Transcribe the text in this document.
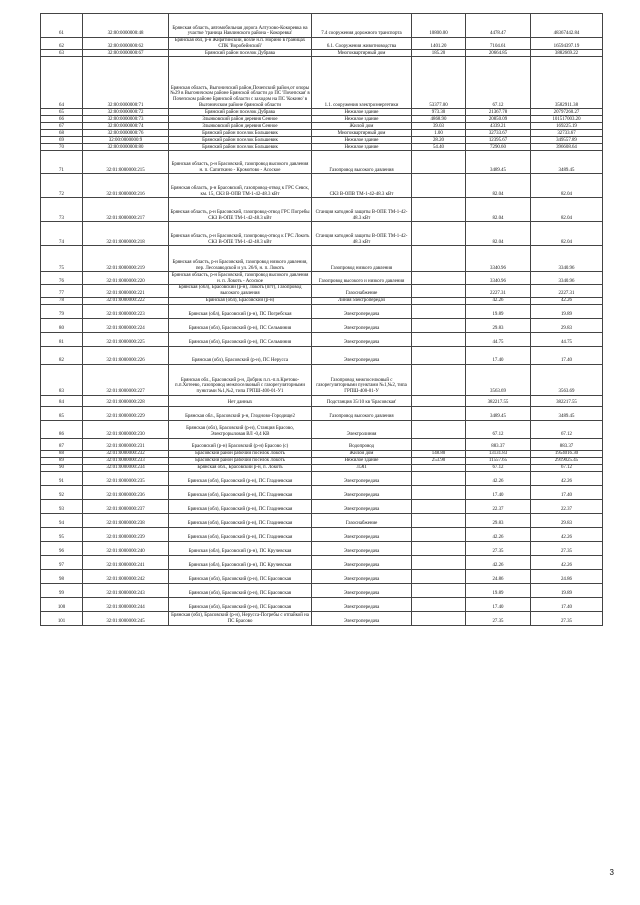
61	32:00:0000000:48	Брянская область, автомобильная дорога Алтухово-Кокоревка на участке 'граница Навлинского района - Кокоревка'	7.4 сооружения дорожного транспорта	10800.00	4478.47	48367442.84
62	32:00:0000000:62	Брянская обл, р-н Жирятинский, возле н.п. Норино в границах СПК 'Воробейнский'	6.1. Сооружения животноводства	1401.20	7104.61	16594397.19
63	32:00:0000000:67	Брянский район поселок Дубрава	Многоквартирный дом	185.20	20664.85	3882669.22
64	32:00:0000000:71	Брянская область, Выгоничский район,Почепский район,от опоры №29 в Выгоничском районе Брянской области до ПС 'Почепская' в Почепском районе Брянской области с заходом на ПС 'Кокино' в Выгоничском районе брянской области	1.1. сооружения электроэнергетики	53377.00	67.12	3582911.38
65	32:00:0000000:72	Брянский район поселок Дубрава	Нежилое здание	973.30	21367.78	20797260.27
66	32:00:0000000:73	Злынковский район деревня Сенное	Нежилое здание	4868.90	20850.09	101517003.20
67	32:00:0000000:74	Злынковский район деревня Сенное	Жилой дом	39.03	4339.21	169225.19
68	32:00:0000000:76	Брянский район поселок Большевик	Многоквартирный дом	1.00	32733.67	32733.67
69	32:00:0000000:9	Брянский район поселок Большевик	Нежилое здание	28.20	12395.67	349557.89
70	32:00:0000000:80	Брянский район поселок Большевик	Нежилое здание	54.40	7290.60	396608.64
71	32:01:0000000:215	Брянская область, р-н Брасовский, газопровод высокого давления н. п. Сапиткино - Кромотово - Асоское	Газопровод высокого давления		3489.45	3489.45
72	32:01:0000000:216	Брянская область, р-н Брасовский, газопровод-отвод к ГРС Севск, км. 15, СКЗ В-ОПВ ТМ-1-42-48.3 кВт	СКЗ В-ОПВ ТМ-1-42-48.3 кВт		82.04	82.04
73	32:01:0000000:217	Брянская область, р-н Брасовский, газопровод-отвод ГРС Погребы СКЗ В-ОПЕ ТМ-1-42-48.3 кВт	Станция катодной защиты В-ОПЕ ТМ-1-42-48.3 кВт		82.04	82.04
74	32:01:0000000:218	Брянская область, р-н Брасовский, газопровод-отвод к ГРС Локоть СКЗ В-ОПЕ ТМ-1-42-48.3 кВт	Станция катодной защиты В-ОПЕ ТМ-1-42-48.3 кВт		82.04	82.04
75	32:01:0000000:219	Брянская область, р-н Брасовский, газопровод низкого давления, пер. Лесозаводской и ул. 26/6, н. п. Локоть	Газопровод низкого давления		3340.96	3340.96
76	32:01:0000000:220	Брянская область, р-н Брасовский, газопровод высокого давления н. п. Локоть - Асоское	Газопровод высокого и низкого давления		3340.96	3340.96
77	32:01:0000000:221	Брянская (обл), Брасовский (р-н), Локоть (пгт), Газопровод высокого давления	Газоснабжение		2227.31	2227.31
78	32:01:0000000:222	Брянская (обл), Брасовский (р-н)	Линия электропередач		42.26	42.26
79	32:01:0000000:223	Брянская (обл), Брасовский (р-н), ПС Погребская	Электропередача		19.89	19.89
80	32:01:0000000:224	Брянская (обл), Брасовский (р-н), ПС Сельминия	Электропередача		29.83	29.83
81	32:01:0000000:225	Брянская (обл), Брасовский (р-н), ПС Сельминия	Электропередача		44.75	44.75
82	32:01:0000000:226	Брянская (обл), Брасовский (р-н), ПС Нерусса	Электропередача		17.40	17.40
83	32:01:0000000:227	Брянская обл., Брасовский р-н, Добрик п.п.-п.п.Кретово-п.п.Хотеево, газопровод межпоселковый с газорегуляторными пунктами №1,№2, типа ГРПШ-400-01-У1	Газопровод межпоселковый с газорегуляторными пунктами №1,№2, типа ГРПШ-400-01-У		3563.69	3563.69
84	32:01:0000000:228	Нет данных	Подстанция 35/10 кв 'Брасовская'		382217.55	382217.55
85	32:01:0000000:229	Брянская обл., Брасовский р-н, Глодново-Городище2	Газопровод высокого давления		3489.45	3489.45
86	32:01:0000000:230	Брянская (обл), Брасовский (р-н), Станция Брасово, Электрорыловая ВЛ -0,4 КВ	Электролиния		67.12	67.12
87	32:01:0000000:231	Брасовский (р-н) Брасовский (р-н) Брасово (с)	Водопровод		883.37	883.37
88	32:01:0000000:232	Брасовский район рабочий поселок Локоть	Жилой дом	148.80	13131.83	1954016.30
89	32:01:0000000:233	Брасовский район рабочий поселок Локоть	Нежилое здание	253.90	11557.65	2919025.45
90	32:01:0000000:234	Брянская обл., Брасовский р-н, п. Локоть	ЛЭП		67.12	67.12
91	32:01:0000000:235	Брянская (обл), Брасовский (р-н), ПС Гладневская	Электропередача		42.26	42.26
92	32:01:0000000:236	Брянская (обл), Брасовский (р-н), ПС Гладневская	Электропередача		17.40	17.40
93	32:01:0000000:237	Брянская (обл), Брасовский (р-н), ПС Гладневская	Электропередача		22.37	22.37
94	32:01:0000000:238	Брянская (обл), Брасовский (р-н), ПС Гладневская	Газоснабжение		29.83	29.83
95	32:01:0000000:239	Брянская (обл), Брасовский (р-н), ПС Гладневская	Электропередача		42.26	42.26
96	32:01:0000000:240	Брянская (обл), Брасовский (р-н), ПС Кручевская	Электропередача		27.35	27.35
97	32:01:0000000:241	Брянская (обл), Брасовский (р-н), ПС Кручевская	Электропередача		42.26	42.26
98	32:01:0000000:242	Брянская (обл), Брасовский (р-н), ПС Брасовская	Электропередача		24.86	24.86
99	32:01:0000000:243	Брянская (обл), Брасовский (р-н), ПС Брасовская	Электропередача		19.89	19.89
100	32:01:0000000:244	Брянская (обл), Брасовский (р-н), ПС Брасовская	Электропередача		17.40	17.40
101	32:01:0000000:245	Брянская (обл), Брасовский (р-н), Нерусса-Погребы с отпайкой на ПС Брасово	Электропередача		27.35	27.35
3
